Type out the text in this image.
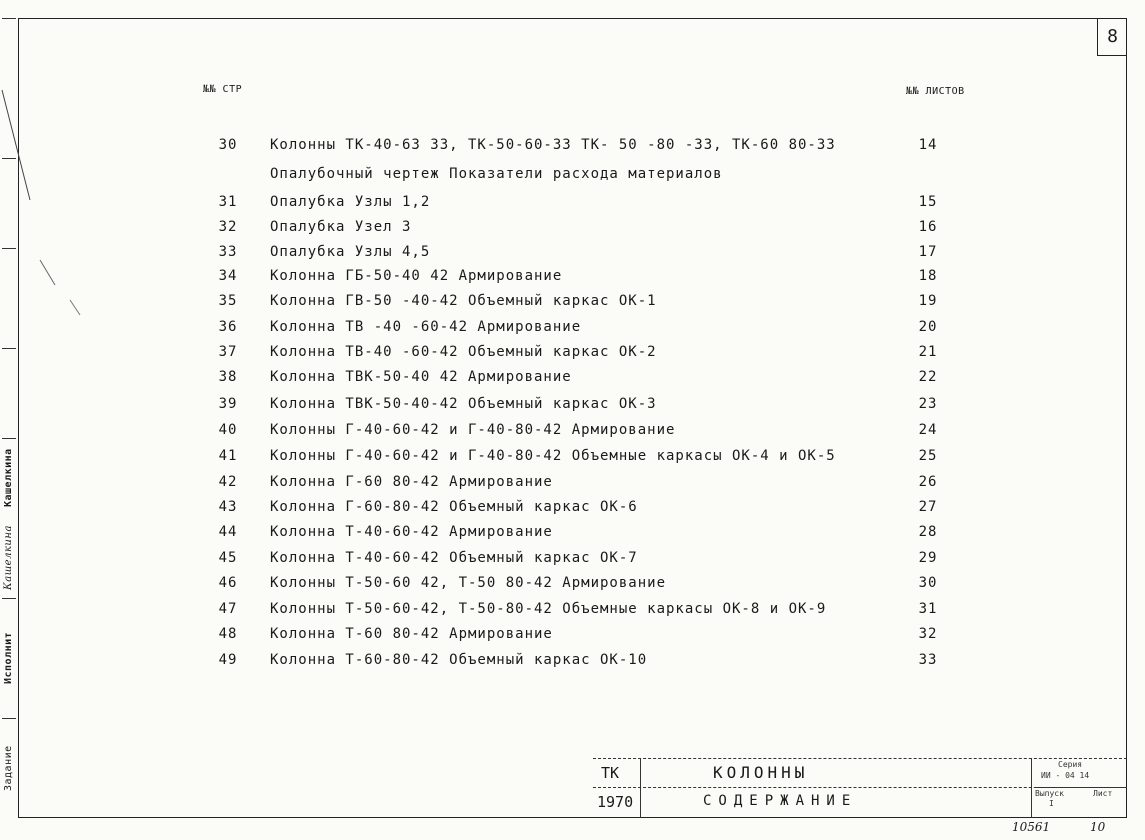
8
Кашелкина
Кашелкина
Исполнит
Задание
№№ СТР	№№ ЛИСТОВ
30	Колонны ТК-40-63 33, ТК-50-60-33 ТК- 50 -80 -33, ТК-60 80-33	14
Опалубочный чертеж Показатели расхода материалов
31	Опалубка Узлы 1,2	15
32	Опалубка Узел 3	16
33	Опалубка Узлы 4,5	17
34	Колонна ГБ-50-40 42 Армирование	18
35	Колонна ГВ-50 -40-42 Объемный каркас ОК-1	19
36	Колонна ТВ -40 -60-42 Армирование	20
37	Колонна ТВ-40 -60-42 Объемный каркас ОК-2	21
38	Колонна ТВК-50-40 42 Армирование	22
39	Колонна ТВК-50-40-42 Объемный каркас ОК-3	23
40	Колонны Г-40-60-42 и Г-40-80-42 Армирование	24
41	Колонны Г-40-60-42 и Г-40-80-42 Объемные каркасы ОК-4 и ОК-5	25
42	Колонна Г-60 80-42 Армирование	26
43	Колонна Г-60-80-42 Объемный каркас ОК-6	27
44	Колонна Т-40-60-42 Армирование	28
45	Колонна Т-40-60-42 Объемный каркас ОК-7	29
46	Колонны Т-50-60 42, Т-50 80-42 Армирование	30
47	Колонны Т-50-60-42, Т-50-80-42 Объемные каркасы ОК-8 и ОК-9	31
48	Колонна Т-60 80-42 Армирование	32
49	Колонна Т-60-80-42 Объемный каркас ОК-10	33
ТК
1970
КОЛОННЫ
СОДЕРЖАНИЕ
Серия
ИИ - 04 14
Выпуск
I
Лист
10561	10
